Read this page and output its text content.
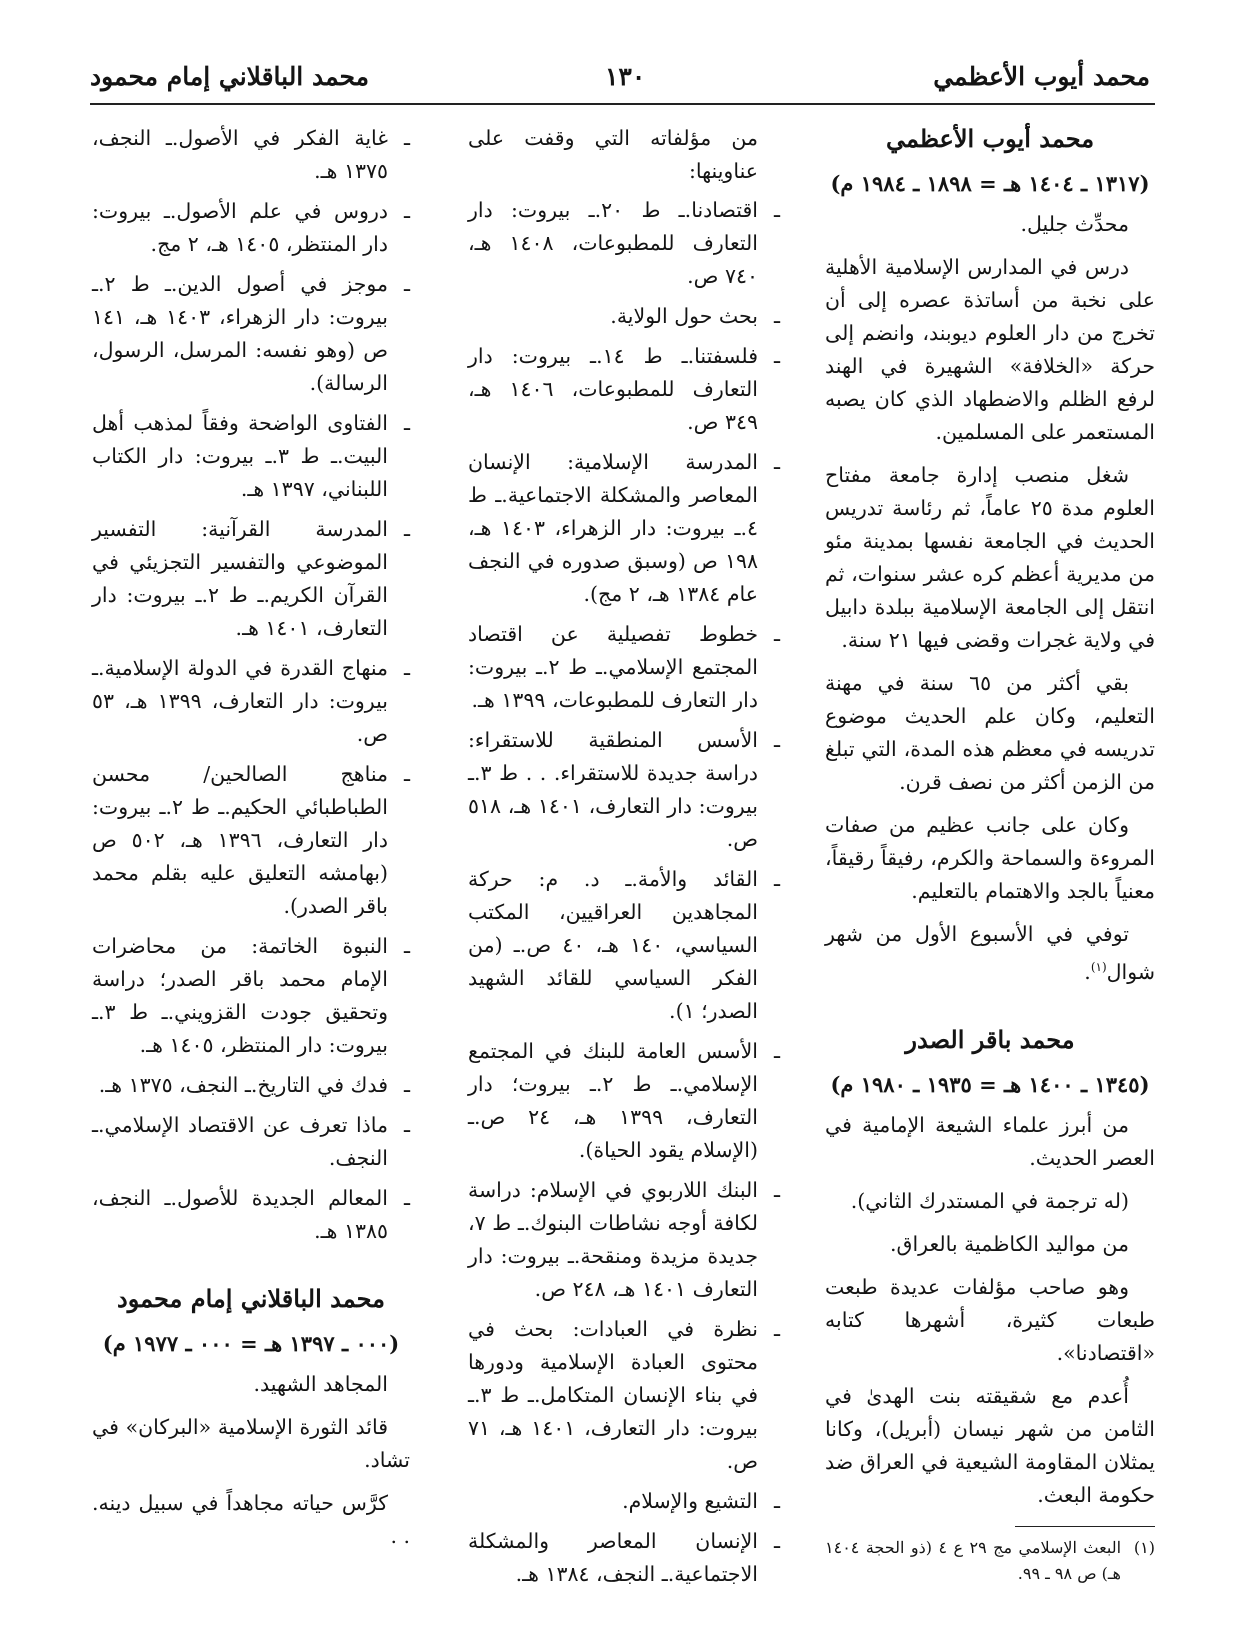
محمد أيوب الأعظمي
١٣٠
محمد الباقلاني إمام محمود
محمد أيوب الأعظمي
(١٣١٧ ـ ١٤٠٤ هـ = ١٨٩٨ ـ ١٩٨٤ م)

محدِّث جليل.

درس في المدارس الإسلامية الأهلية على نخبة من أساتذة عصره إلى أن تخرج من دار العلوم ديوبند، وانضم إلى حركة «الخلافة» الشهيرة في الهند لرفع الظلم والاضطهاد الذي كان يصبه المستعمر على المسلمين.

شغل منصب إدارة جامعة مفتاح العلوم مدة ٢٥ عاماً، ثم رئاسة تدريس الحديث في الجامعة نفسها بمدينة مئو من مديرية أعظم كره عشر سنوات، ثم انتقل إلى الجامعة الإسلامية ببلدة دابيل في ولاية غجرات وقضى فيها ٢١ سنة.

بقي أكثر من ٦٥ سنة في مهنة التعليم، وكان علم الحديث موضوع تدريسه في معظم هذه المدة، التي تبلغ من الزمن أكثر من نصف قرن.

وكان على جانب عظيم من صفات المروءة والسماحة والكرم، رفيقاً رقيقاً، معنياً بالجد والاهتمام بالتعليم.

توفي في الأسبوع الأول من شهر شوال$^{(١)}$.

محمد باقر الصدر
(١٣٤٥ ـ ١٤٠٠ هـ = ١٩٣٥ ـ ١٩٨٠ م)

من أبرز علماء الشيعة الإمامية في العصر الحديث.

(له ترجمة في المستدرك الثاني).

من مواليد الكاظمية بالعراق.

وهو صاحب مؤلفات عديدة طبعت طبعات كثيرة، أشهرها كتابه «اقتصادنا».

أُعدم مع شقيقته بنت الهدىٰ في الثامن من شهر نيسان (أبريل)، وكانا يمثلان المقاومة الشيعية في العراق ضد حكومة البعث.

(١)
البعث الإسلامي مج ٢٩ ع ٤ (ذو الحجة ١٤٠٤ هـ) ص ٩٨ ـ ٩٩.

من مؤلفاته التي وقفت على عناوينها:

ـ
اقتصادنا.ـ ط ٢٠.ـ بيروت: دار التعارف للمطبوعات، ١٤٠٨ هـ، ٧٤٠ ص.
ـ
بحث حول الولاية.
ـ
فلسفتنا.ـ ط ١٤.ـ بيروت: دار التعارف للمطبوعات، ١٤٠٦ هـ، ٣٤٩ ص.
ـ
المدرسة الإسلامية: الإنسان المعاصر والمشكلة الاجتماعية.ـ ط ٤.ـ بيروت: دار الزهراء، ١٤٠٣ هـ، ١٩٨ ص (وسبق صدوره في النجف عام ١٣٨٤ هـ، ٢ مج).
ـ
خطوط تفصيلية عن اقتصاد المجتمع الإسلامي.ـ ط ٢.ـ بيروت: دار التعارف للمطبوعات، ١٣٩٩ هـ.
ـ
الأسس المنطقية للاستقراء: دراسة جديدة للاستقراء. . . ط ٣.ـ بيروت: دار التعارف، ١٤٠١ هـ، ٥١٨ ص.
ـ
القائد والأمة.ـ د. م: حركة المجاهدين العراقيين، المكتب السياسي، ١٤٠ هـ، ٤٠ ص.ـ (من الفكر السياسي للقائد الشهيد الصدر؛ ١).
ـ
الأسس العامة للبنك في المجتمع الإسلامي.ـ ط ٢.ـ بيروت؛ دار التعارف، ١٣٩٩ هـ، ٢٤ ص.ـ (الإسلام يقود الحياة).
ـ
البنك اللاربوي في الإسلام: دراسة لكافة أوجه نشاطات البنوك.ـ ط ٧، جديدة مزيدة ومنقحة.ـ بيروت: دار التعارف ١٤٠١ هـ، ٢٤٨ ص.
ـ
نظرة في العبادات: بحث في محتوى العبادة الإسلامية ودورها في بناء الإنسان المتكامل.ـ ط ٣.ـ بيروت: دار التعارف، ١٤٠١ هـ، ٧١ ص.
ـ
التشيع والإسلام.
ـ
الإنسان المعاصر والمشكلة الاجتماعية.ـ النجف، ١٣٨٤ هـ.
ـ
غاية الفكر في الأصول.ـ النجف، ١٣٧٥ هـ.
ـ
دروس في علم الأصول.ـ بيروت: دار المنتظر، ١٤٠٥ هـ، ٢ مج.
ـ
موجز في أصول الدين.ـ ط ٢.ـ بيروت: دار الزهراء، ١٤٠٣ هـ، ١٤١ ص (وهو نفسه: المرسل، الرسول، الرسالة).
ـ
الفتاوى الواضحة وفقاً لمذهب أهل البيت.ـ ط ٣.ـ بيروت: دار الكتاب اللبناني، ١٣٩٧ هـ.
ـ
المدرسة القرآنية: التفسير الموضوعي والتفسير التجزيئي في القرآن الكريم.ـ ط ٢.ـ بيروت: دار التعارف، ١٤٠١ هـ.
ـ
منهاج القدرة في الدولة الإسلامية.ـ بيروت: دار التعارف، ١٣٩٩ هـ، ٥٣ ص.
ـ
مناهج الصالحين/ محسن الطباطبائي الحكيم.ـ ط ٢.ـ بيروت: دار التعارف، ١٣٩٦ هـ، ٥٠٢ ص (بهامشه التعليق عليه بقلم محمد باقر الصدر).
ـ
النبوة الخاتمة: من محاضرات الإمام محمد باقر الصدر؛ دراسة وتحقيق جودت القزويني.ـ ط ٣.ـ بيروت: دار المنتظر، ١٤٠٥ هـ.
ـ
فدك في التاريخ.ـ النجف، ١٣٧٥ هـ.
ـ
ماذا تعرف عن الاقتصاد الإسلامي.ـ النجف.
ـ
المعالم الجديدة للأصول.ـ النجف، ١٣٨٥ هـ.
محمد الباقلاني إمام محمود
(٠٠٠ ـ ١٣٩٧ هـ = ٠٠٠ ـ ١٩٧٧ م)

المجاهد الشهيد.

قائد الثورة الإسلامية «البركان» في تشاد.

كرَّس حياته مجاهداً في سبيل دينه. . .
